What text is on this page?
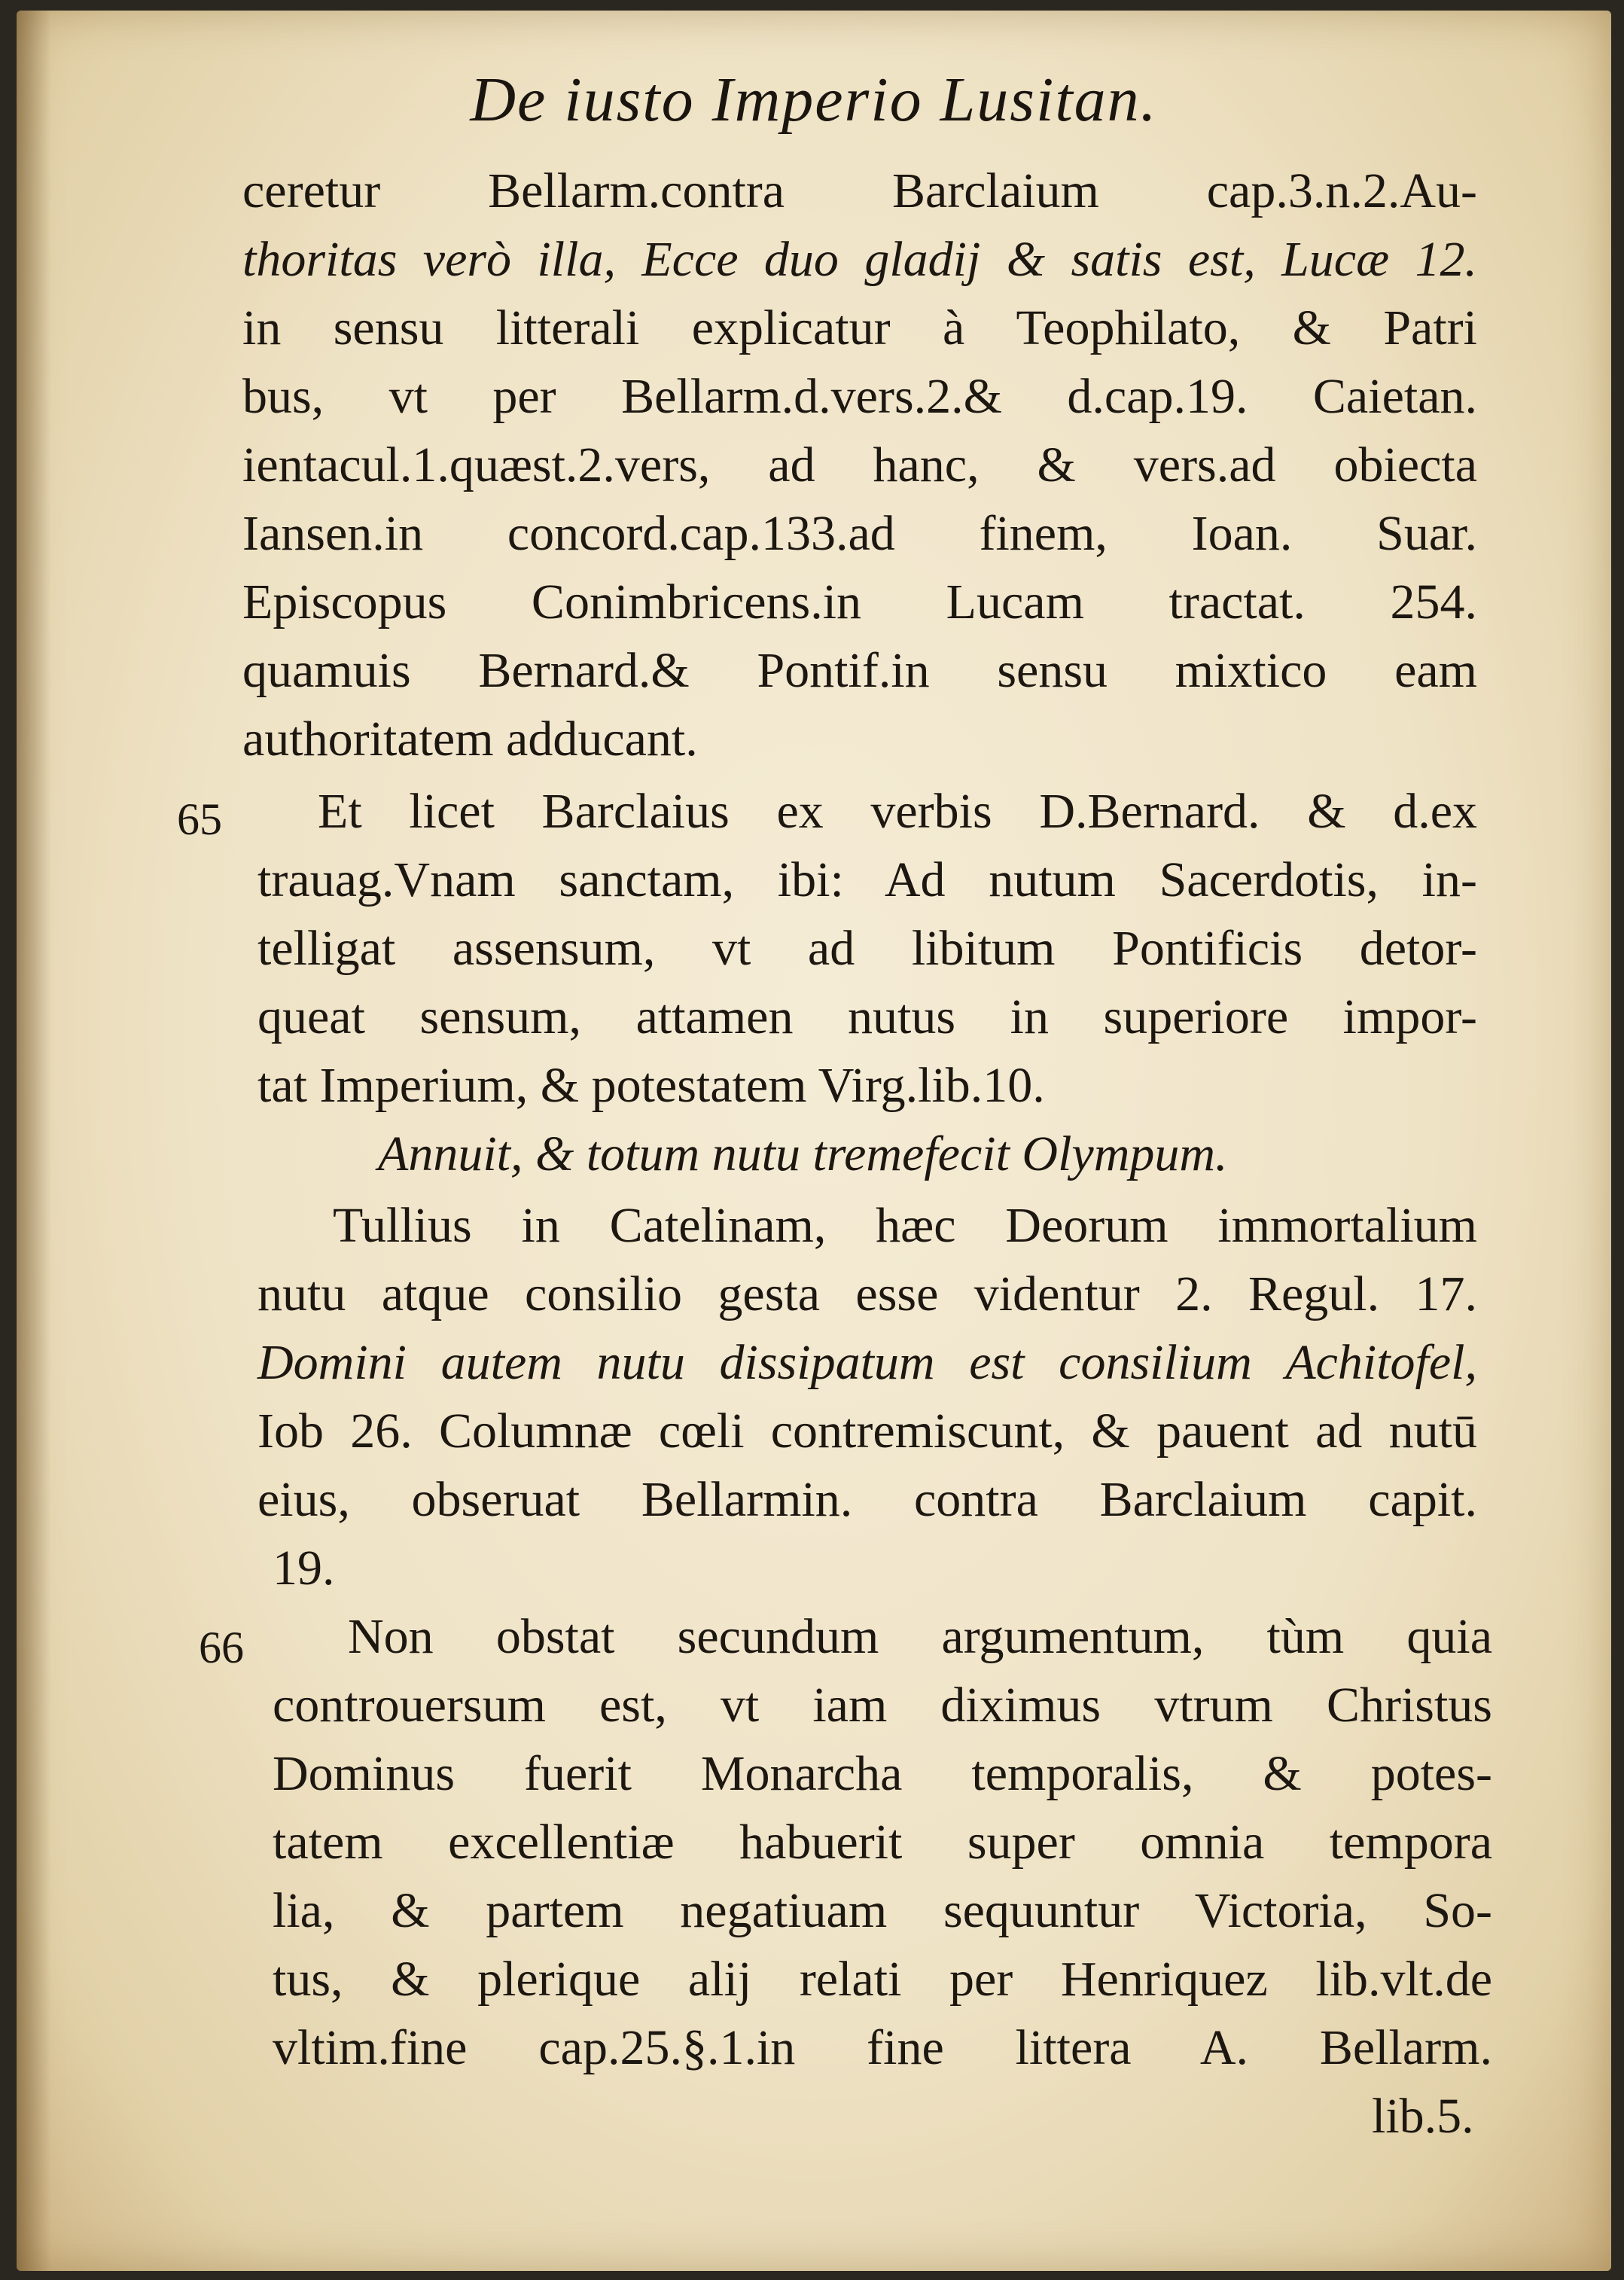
De iusto Imperio Lusitan.
65
66
ceretur Bellarm.contra Barclaium cap.3.n.2.Au-
thoritas verò illa, Ecce duo gladij & satis est, Lucæ 12.
in sensu litterali explicatur à Teophilato, & Patri
bus, vt per Bellarm.d.vers.2.& d.cap.19. Caietan.
ientacul.1.quæst.2.vers, ad hanc, & vers.ad obiecta
Iansen.in concord.cap.133.ad finem, Ioan. Suar.
Episcopus Conimbricens.in Lucam tractat. 254.
quamuis Bernard.& Pontif.in sensu mixtico eam
authoritatem adducant.
Et licet Barclaius ex verbis D.Bernard. & d.ex
trauag.Vnam sanctam, ibi: Ad nutum Sacerdotis, in-
telligat assensum, vt ad libitum Pontificis detor-
queat sensum, attamen nutus in superiore impor-
tat Imperium, & potestatem Virg.lib.10.
Annuit, & totum nutu tremefecit Olympum.
Tullius in Catelinam, hæc Deorum immortalium
nutu atque consilio gesta esse videntur 2. Regul. 17.
Domini autem nutu dissipatum est consilium Achitofel,
Iob 26. Columnæ cœli contremiscunt, & pauent ad nutū
eius, obseruat Bellarmin. contra Barclaium capit.
19.
Non obstat secundum argumentum, tùm quia
controuersum est, vt iam diximus vtrum Christus
Dominus fuerit Monarcha temporalis, & potes-
tatem excellentiæ habuerit super omnia tempora
lia, & partem negatiuam sequuntur Victoria, So-
tus, & plerique alij relati per Henriquez lib.vlt.de
vltim.fine cap.25.§.1.in fine littera A. Bellarm.
lib.5.
